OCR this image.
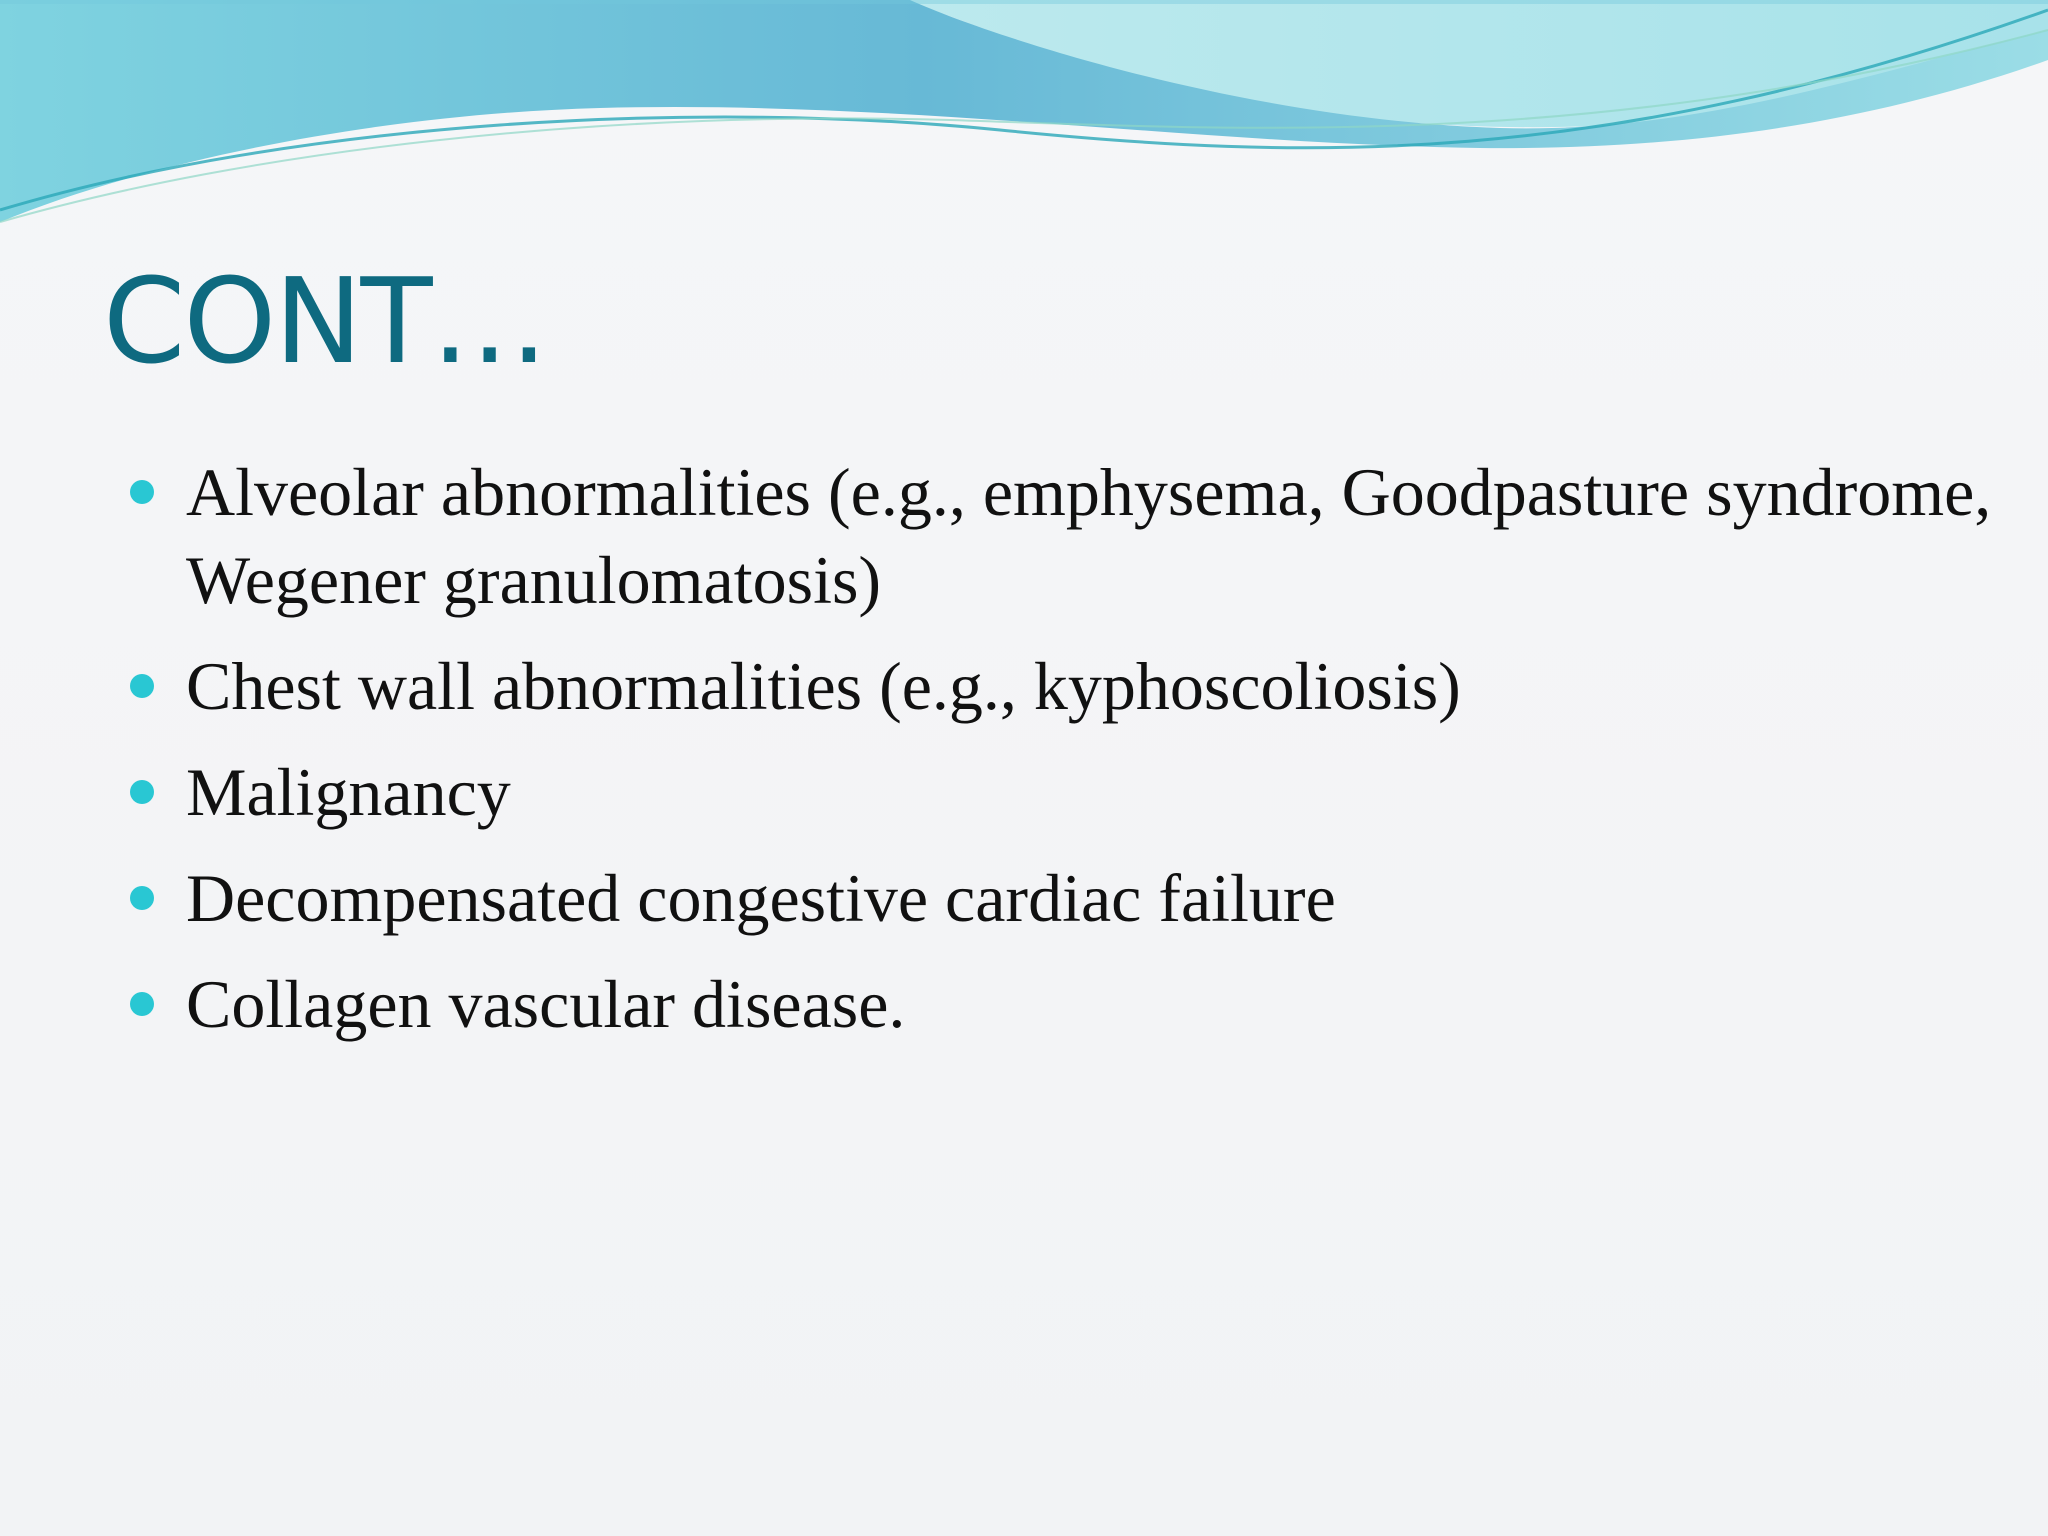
CONT…
Alveolar abnormalities (e.g., emphysema, Goodpasture syndrome, Wegener granulomatosis)
Chest wall abnormalities (e.g., kyphoscoliosis)
Malignancy
Decompensated congestive cardiac failure
Collagen vascular disease.
